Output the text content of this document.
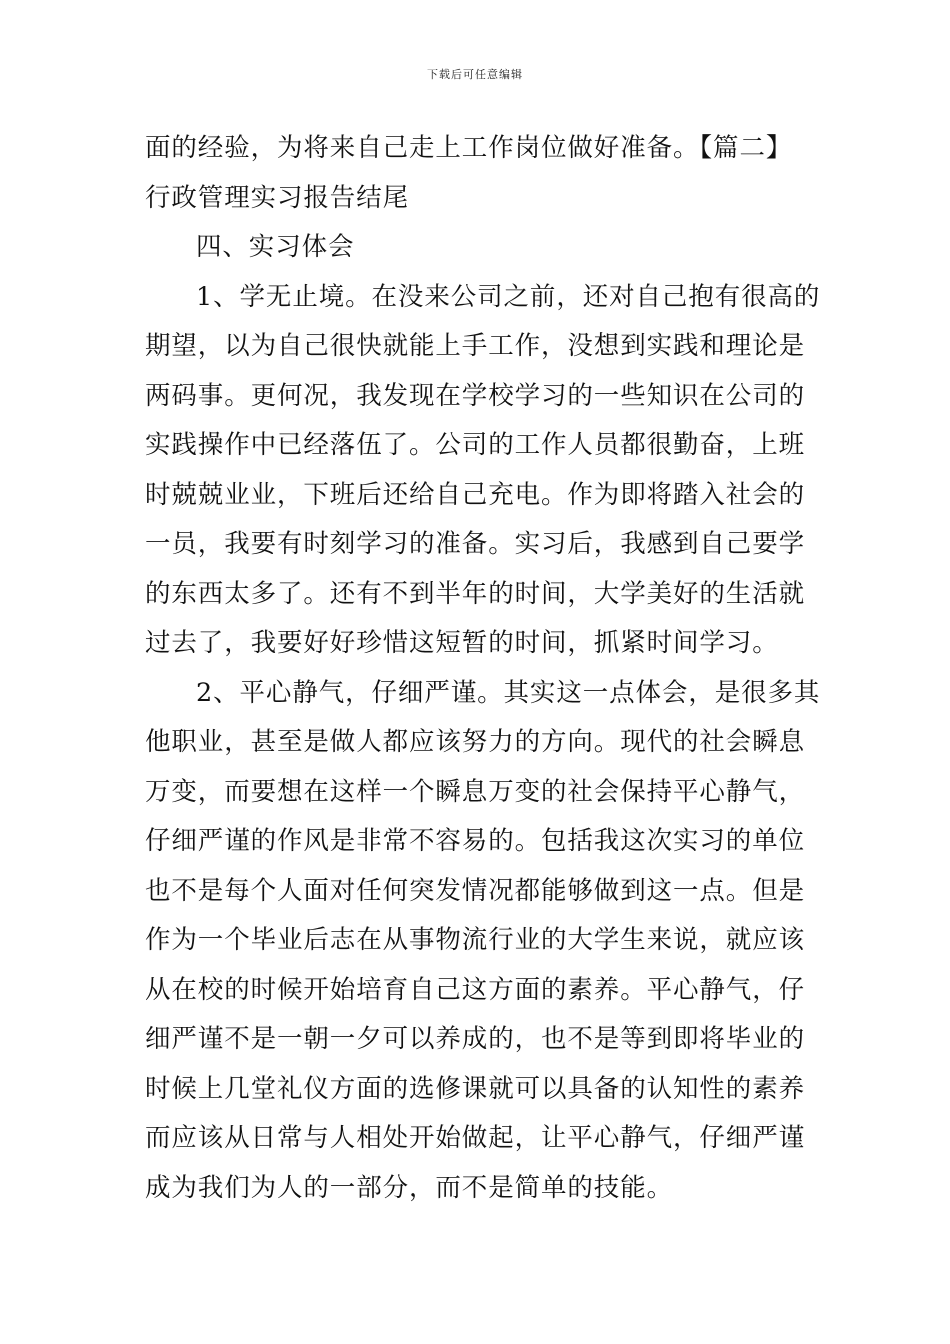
下载后可任意编辑
面的经验，为将来自己走上工作岗位做好准备。【篇二】
行政管理实习报告结尾
四、实习体会
1、学无止境。在没来公司之前，还对自己抱有很高的
期望，以为自己很快就能上手工作，没想到实践和理论是
两码事。更何况，我发现在学校学习的一些知识在公司的
实践操作中已经落伍了。公司的工作人员都很勤奋，上班
时兢兢业业，下班后还给自己充电。作为即将踏入社会的
一员，我要有时刻学习的准备。实习后，我感到自己要学
的东西太多了。还有不到半年的时间，大学美好的生活就
过去了，我要好好珍惜这短暂的时间，抓紧时间学习。
2、平心静气，仔细严谨。其实这一点体会，是很多其
他职业，甚至是做人都应该努力的方向。现代的社会瞬息
万变，而要想在这样一个瞬息万变的社会保持平心静气，
仔细严谨的作风是非常不容易的。包括我这次实习的单位
也不是每个人面对任何突发情况都能够做到这一点。但是
作为一个毕业后志在从事物流行业的大学生来说，就应该
从在校的时候开始培育自己这方面的素养。平心静气，仔
细严谨不是一朝一夕可以养成的，也不是等到即将毕业的
时候上几堂礼仪方面的选修课就可以具备的认知性的素养
而应该从日常与人相处开始做起，让平心静气，仔细严谨
成为我们为人的一部分，而不是简单的技能。
